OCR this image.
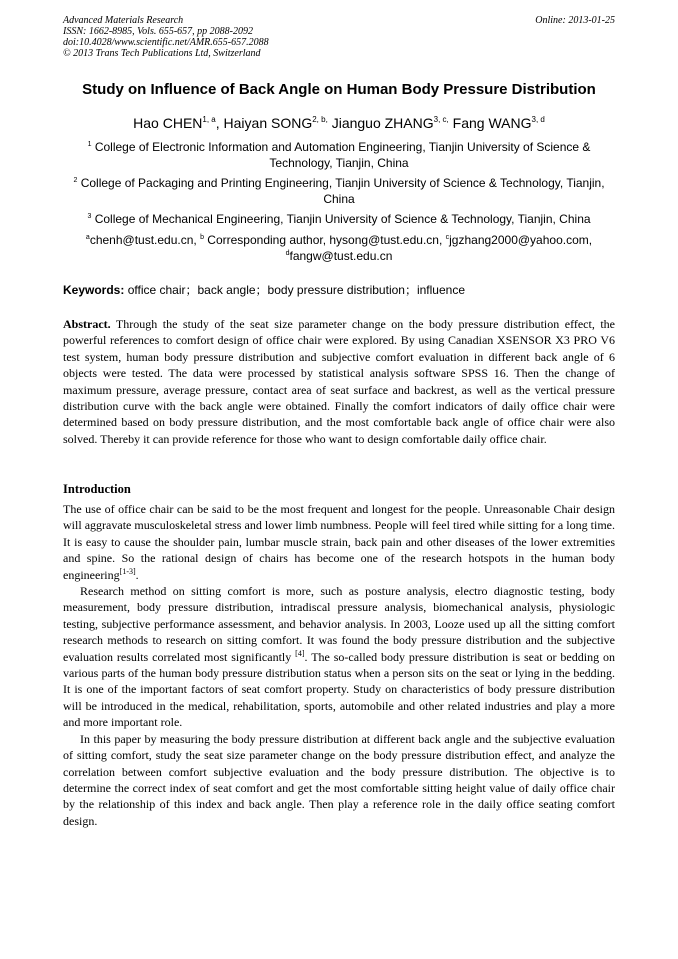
Advanced Materials Research
ISSN: 1662-8985, Vols. 655-657, pp 2088-2092
doi:10.4028/www.scientific.net/AMR.655-657.2088
© 2013 Trans Tech Publications Ltd, Switzerland
Online: 2013-01-25
Study on Influence of Back Angle on Human Body Pressure Distribution
Hao CHEN$^{1, a}$, Haiyan $SONG^{2, b,}$ Jianguo $ZHANG^{3, c,}$ Fang WANG$^{3, d}$
$^1$ College of Electronic Information and Automation Engineering, Tianjin University of Science & Technology, Tianjin, China
$^2$ College of Packaging and Printing Engineering, Tianjin University of Science & Technology, Tianjin, China
$^3$ College of Mechanical Engineering, Tianjin University of Science & Technology, Tianjin, China
$^a$chenh@tust.edu.cn, $^b$ Corresponding author, hysong@tust.edu.cn, $^c$jgzhang2000@yahoo.com,
$^d$fangw@tust.edu.cn
Keywords: office chair；back angle；body pressure distribution；influence

Abstract. Through the study of the seat size parameter change on the body pressure distribution effect, the powerful references to comfort design of office chair were explored. By using Canadian XSENSOR X3 PRO V6 test system, human body pressure distribution and subjective comfort evaluation in different back angle of 6 objects were tested. The data were processed by statistical analysis software SPSS 16. Then the change of maximum pressure, average pressure, contact area of seat surface and backrest, as well as the vertical pressure distribution curve with the back angle were obtained. Finally the comfort indicators of daily office chair were determined based on body pressure distribution, and the most comfortable back angle of office chair were also solved. Thereby it can provide reference for those who want to design comfortable daily office chair.

Introduction

The use of office chair can be said to be the most frequent and longest for the people. Unreasonable Chair design will aggravate musculoskeletal stress and lower limb numbness. People will feel tired while sitting for a long time. It is easy to cause the shoulder pain, lumbar muscle strain, back pain and other diseases of the lower extremities and spine. So the rational design of chairs has become one of the research hotspots in the human body engineering[1-3].

Research method on sitting comfort is more, such as posture analysis, electro diagnostic testing, body measurement, body pressure distribution, intradiscal pressure analysis, biomechanical analysis, physiologic testing, subjective performance assessment, and behavior analysis. In 2003, Looze used up all the sitting comfort research methods to research on sitting comfort. It was found the body pressure distribution and the subjective evaluation results correlated most significantly [4]. The so-called body pressure distribution is seat or bedding on various parts of the human body pressure distribution status when a person sits on the seat or lying in the bedding. It is one of the important factors of seat comfort property. Study on characteristics of body pressure distribution will be introduced in the medical, rehabilitation, sports, automobile and other related industries and play a more and more important role.

In this paper by measuring the body pressure distribution at different back angle and the subjective evaluation of sitting comfort, study the seat size parameter change on the body pressure distribution effect, and analyze the correlation between comfort subjective evaluation and the body pressure distribution. The objective is to determine the correct index of seat comfort and get the most comfortable sitting height value of daily office chair by the relationship of this index and back angle. Then play a reference role in the daily office seating comfort design.
